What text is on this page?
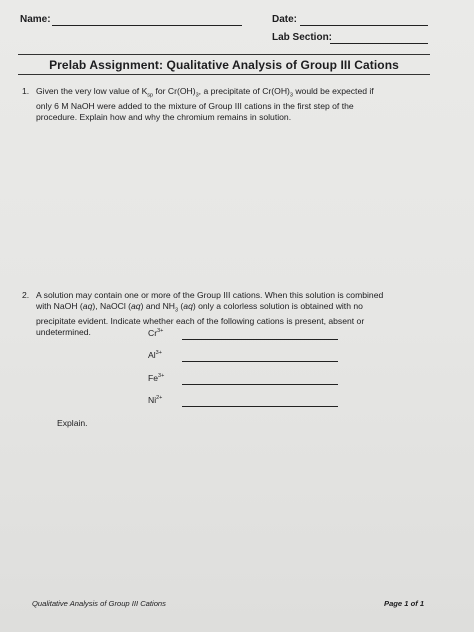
Name:	Date:
Lab Section:
Prelab Assignment: Qualitative Analysis of Group III Cations
1. Given the very low value of $K_{sp}$ for $Cr(OH)_3$, a precipitate of $Cr(OH)_3$ would be expected if
only 6 M NaOH were added to the mixture of Group III cations in the first step of the
procedure. Explain how and why the chromium remains in solution.
2. A solution may contain one or more of the Group III cations. When this solution is combined
with NaOH (aq), NaOCl (aq) and $NH_3$ (aq) only a colorless solution is obtained with no
precipitate evident. Indicate whether each of the following cations is present, absent or
undetermined.	$Cr^{3+}$
$Al^{3+}$
$Fe^{3+}$
$Ni^{2+}$
Explain.
Qualitative Analysis of Group III Cations	Page 1 of 1
